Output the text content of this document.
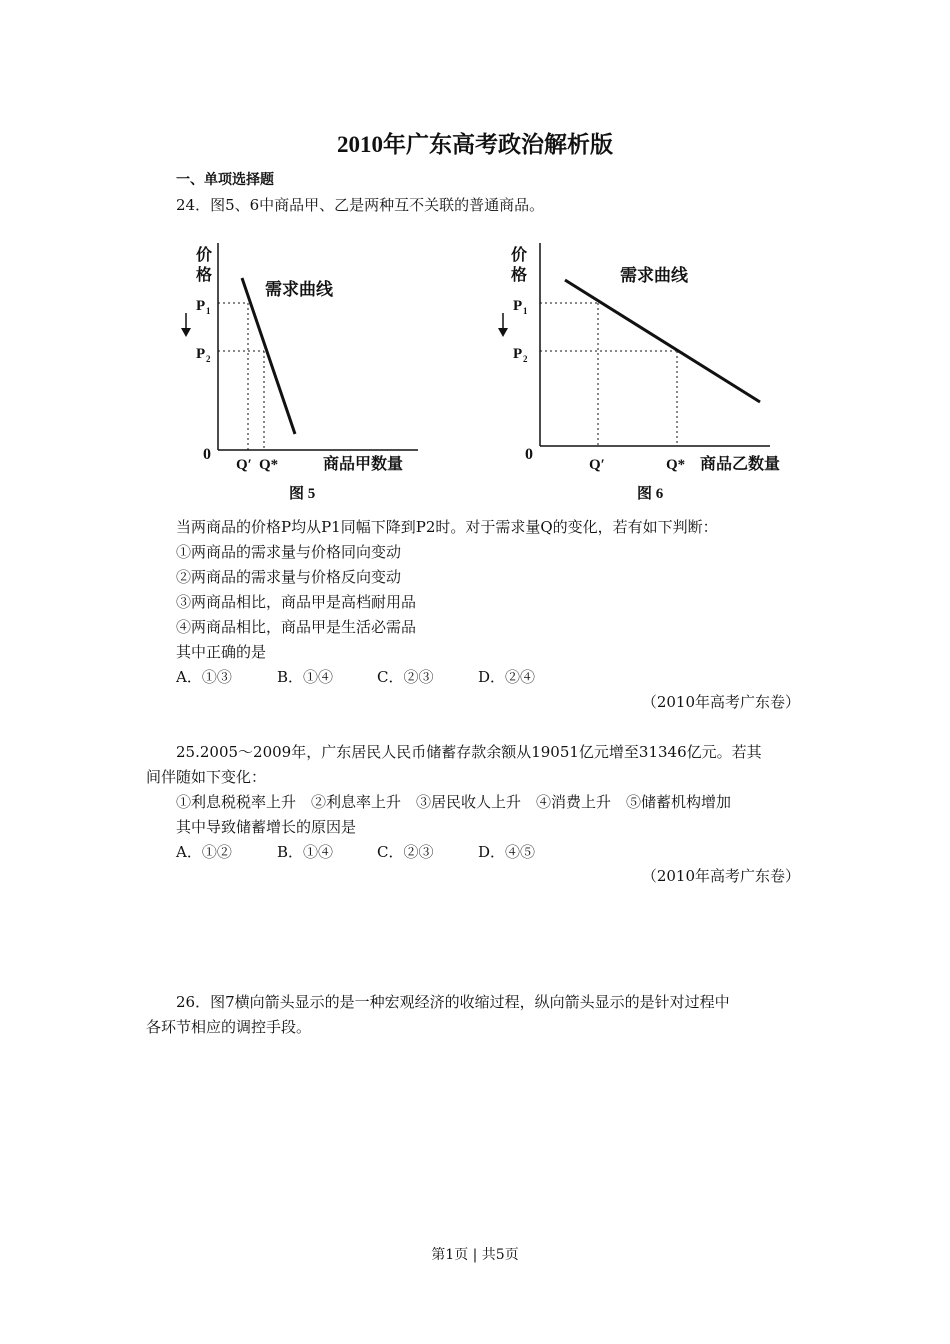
2010年广东高考政治解析版
一、单项选择题
24．图5、6中商品甲、乙是两种互不关联的普通商品。
价
格
需求曲线
P 1
P 2
0
Q′ Q*	商品甲数量
图 5
价
格	需求曲线
P 1
P 2
0
Q′	Q* 商品乙数量
图 6
当两商品的价格P均从P1同幅下降到P2时。对于需求量Q的变化，若有如下判断：
①两商品的需求量与价格同向变动
②两商品的需求量与价格反向变动
③两商品相比，商品甲是高档耐用品
④两商品相比，商品甲是生活必需品
其中正确的是
A．①③	B．①④	C．②③	D．②④
（2010年高考广东卷）
25.2005～2009年，广东居民人民币储蓄存款余额从19051亿元增至31346亿元。若其
间伴随如下变化：
①利息税税率上升　②利息率上升　③居民收人上升　④消费上升　⑤储蓄机构增加
其中导致储蓄增长的原因是
A．①②	B．①④	C．②③	D．④⑤
（2010年高考广东卷）
26．图7横向箭头显示的是一种宏观经济的收缩过程，纵向箭头显示的是针对过程中
各环节相应的调控手段。
第1页 | 共5页
